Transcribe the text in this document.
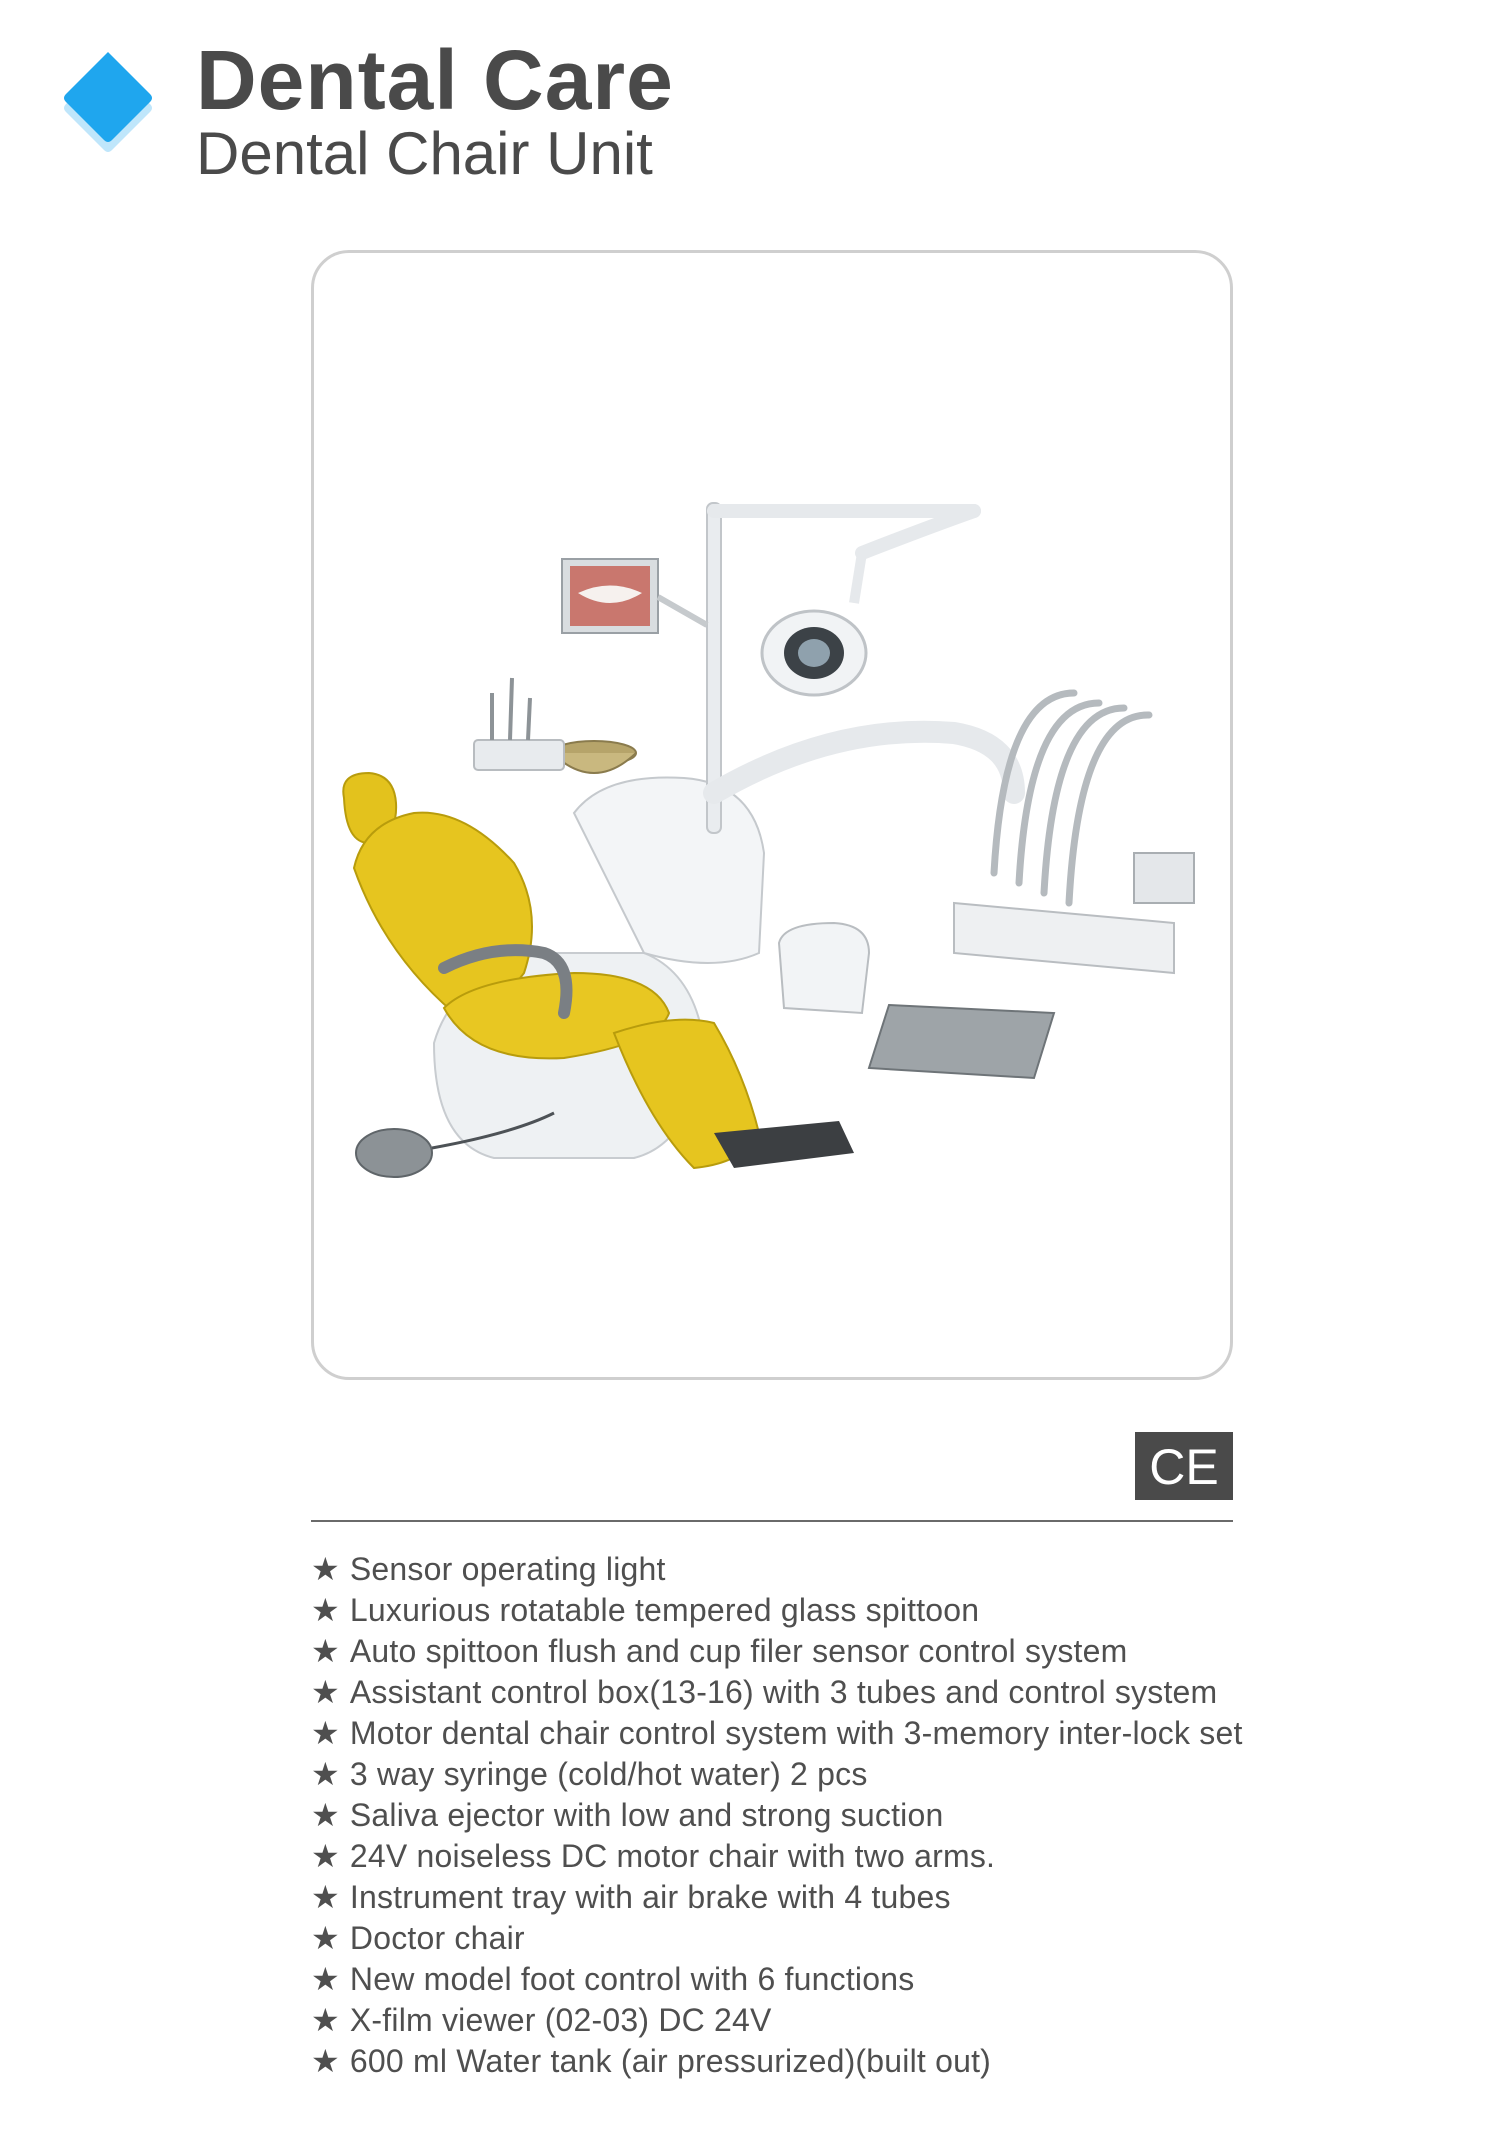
Dental Care
Dental Chair Unit
CE
★ Sensor operating light
★ Luxurious rotatable tempered glass spittoon
★ Auto spittoon flush and cup filer sensor control system
★ Assistant control box(13-16) with 3 tubes and control system
★ Motor dental chair control system with 3-memory inter-lock set
★ 3 way syringe (cold/hot water) 2 pcs
★ Saliva ejector with low and strong suction
★ 24V noiseless DC motor chair with two arms.
★ Instrument tray with air brake with 4 tubes
★ Doctor chair
★ New model foot control with 6 functions
★ X-film viewer (02-03) DC 24V
★ 600 ml Water tank (air pressurized)(built out)
